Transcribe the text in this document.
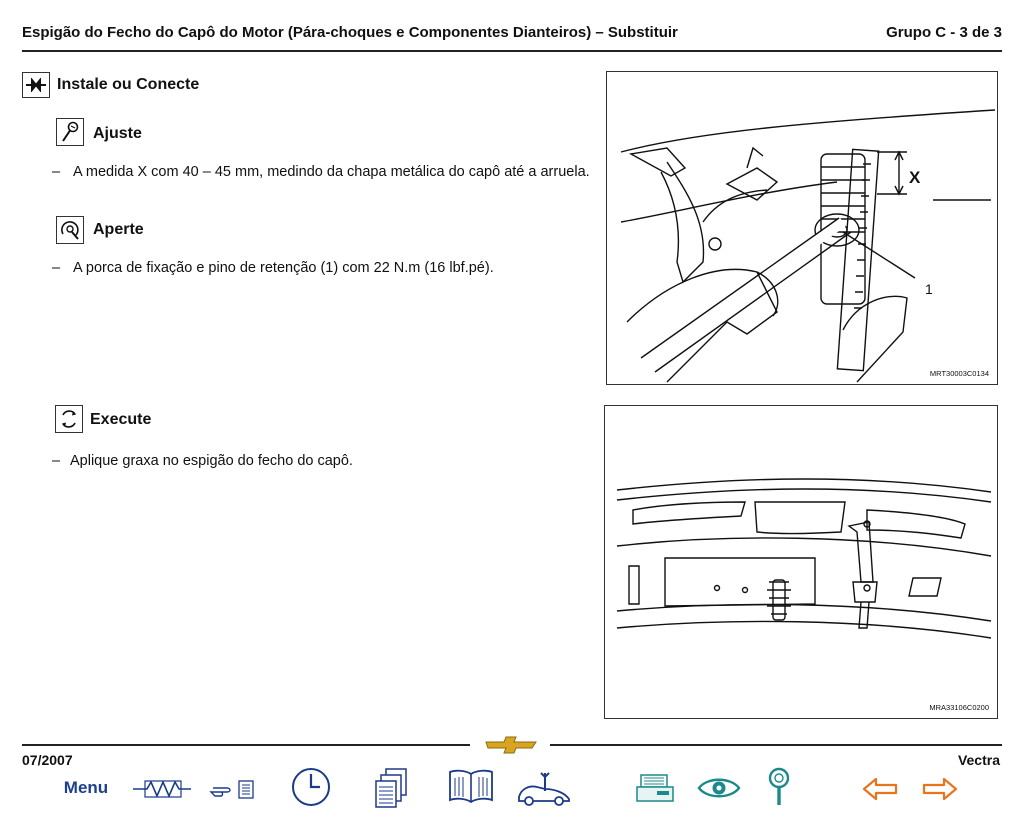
Espigão do Fecho do Capô do Motor (Pára-choques e Componentes Dianteiros) – Substituir	Grupo C - 3 de 3
Instale ou Conecte
Ajuste
– A medida X com 40 – 45 mm, medindo da chapa metálica do capô até a arruela.
Aperte
– A porca de fixação e pino de retenção (1) com 22 N.m (16 lbf.pé).
Execute
– Aplique graxa no espigão do fecho do capô.
X
1
MRT30003C0134
MRA33106C0200
07/2007	Vectra
Menu
